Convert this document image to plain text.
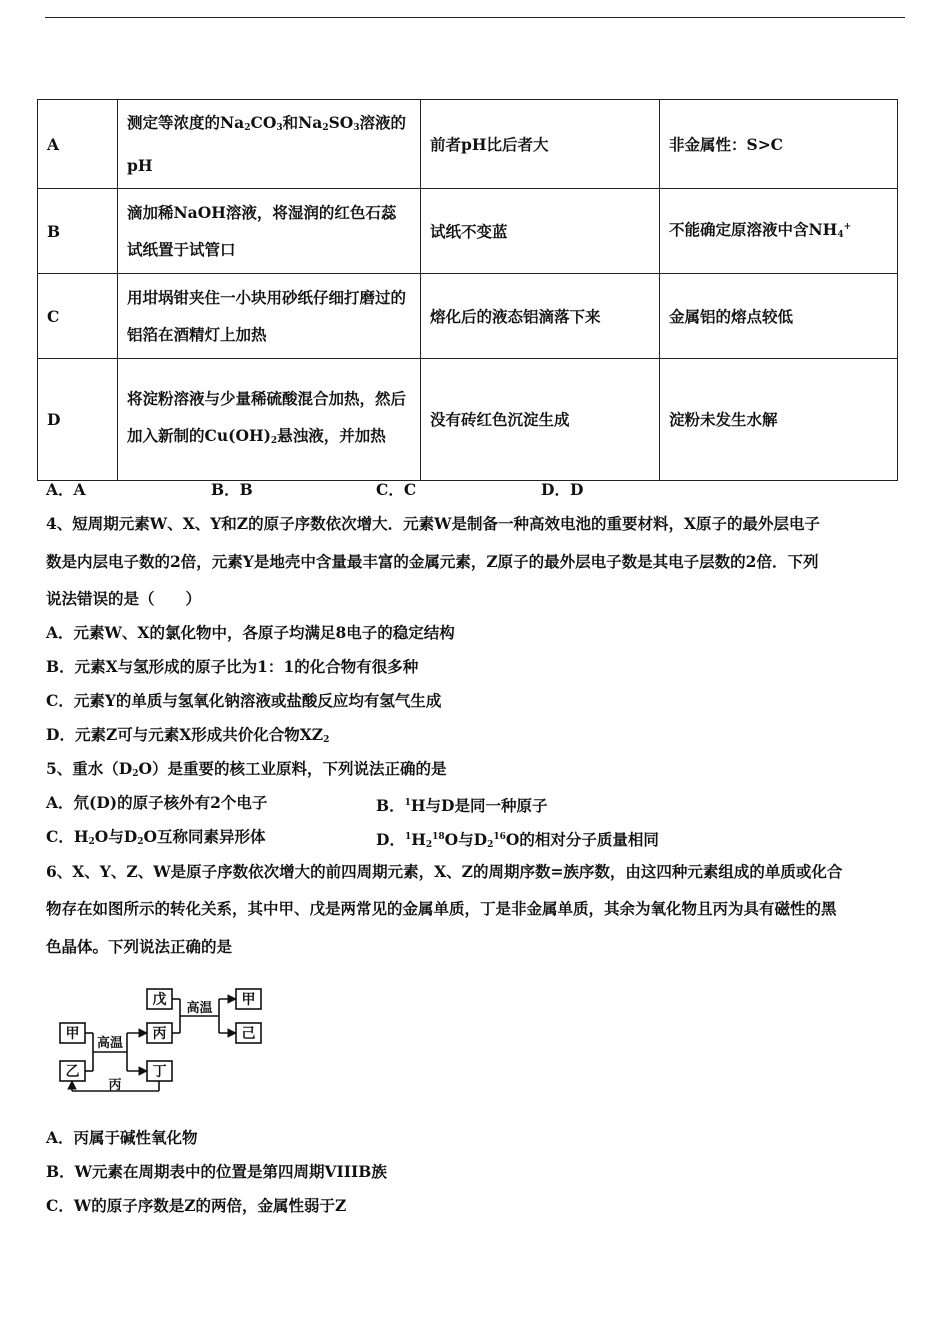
A	测定等浓度的$Na_2CO_3$和$Na_2SO_3$溶液的pH	前者pH比后者大	非金属性：S>C
B	滴加稀NaOH溶液，将湿润的红色石蕊试纸置于试管口	试纸不变蓝	不能确定原溶液中含$NH_4^+$
C	用坩埚钳夹住一小块用砂纸仔细打磨过的铝箔在酒精灯上加热	熔化后的液态铝滴落下来	金属铝的熔点较低
D	将淀粉溶液与少量稀硫酸混合加热，然后加入新制的$Cu(OH)_2$悬浊液，并加热	没有砖红色沉淀生成	淀粉未发生水解
A．A	B．B	C．C	D．D
4、短周期元素W、X、Y和Z的原子序数依次增大．元素W是制备一种高效电池的重要材料，X原子的最外层电子
数是内层电子数的2倍，元素Y是地壳中含量最丰富的金属元素，Z原子的最外层电子数是其电子层数的2倍．下列
说法错误的是（　　）
A．元素W、X的氯化物中，各原子均满足8电子的稳定结构
B．元素X与氢形成的原子比为1：1的化合物有很多种
C．元素Y的单质与氢氧化钠溶液或盐酸反应均有氢气生成
D．元素Z可与元素X形成共价化合物$XZ_2$
5、重水$(D_2O)$是重要的核工业原料，下列说法正确的是
A．氘(D)的原子核外有2个电子	B．$^1$H与D是同一种原子
C．$H_2O$与$D_2O$互称同素异形体	D．$^1H_2^{18}O$与$D_2^{16}O$的相对分子质量相同
6、X、Y、Z、W是原子序数依次增大的前四周期元素，X、Z的周期序数=族序数，由这四种元素组成的单质或化合
物存在如图所示的转化关系，其中甲、戊是两常见的金属单质，丁是非金属单质，其余为氧化物且丙为具有磁性的黑
色晶体。下列说法正确的是
甲
乙
戊
丙
丁
甲
己
高温
高温
丙
A．丙属于碱性氧化物
B．W元素在周期表中的位置是第四周期VIIIB族
C．W的原子序数是Z的两倍，金属性弱于Z
